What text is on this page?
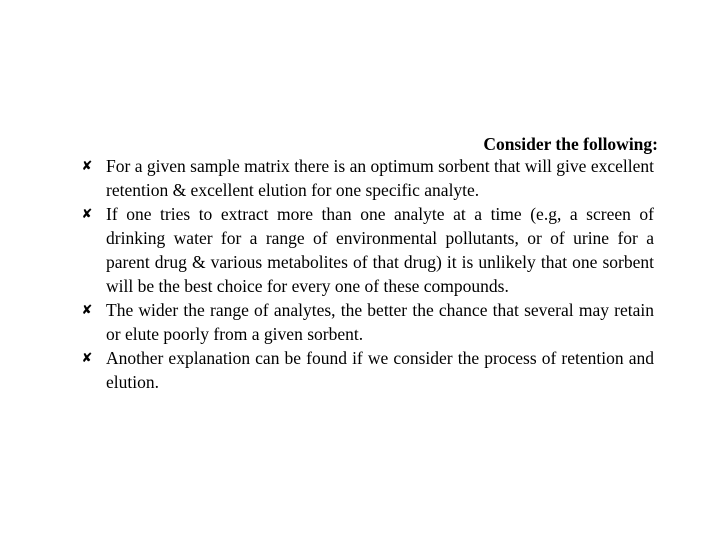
Consider the following:
✘ For a given sample matrix there is an optimum sorbent that will give excellent retention & excellent elution for one specific analyte.
✘ If one tries to extract more than one analyte at a time (e.g, a screen of drinking water for a range of environmental pollutants, or of urine for a parent drug & various metabolites of that drug) it is unlikely that one sorbent will be the best choice for every one of these compounds.
✘ The wider the range of analytes, the better the chance that several may retain or elute poorly from a given sorbent.
✘ Another explanation can be found if we consider the process of retention and elution.
